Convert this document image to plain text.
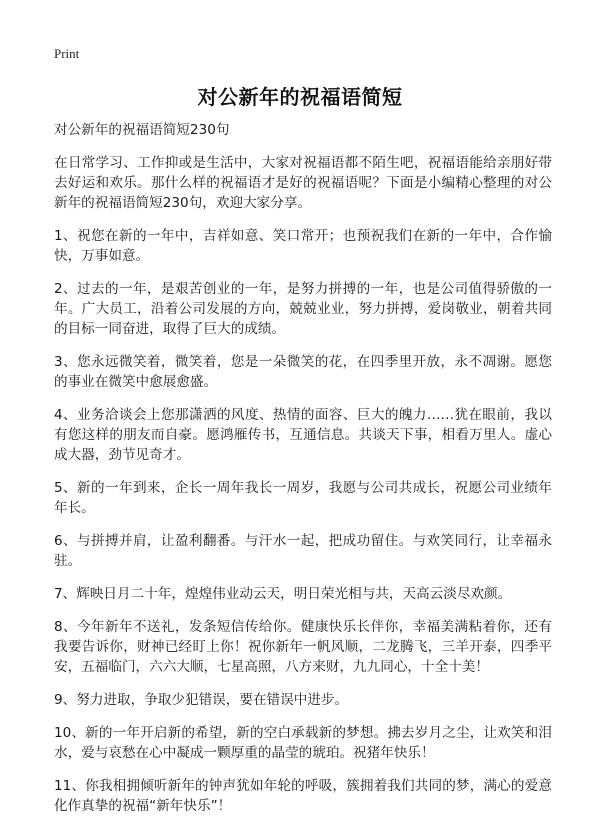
Print
对公新年的祝福语简短

对公新年的祝福语简短230句

在日常学习、工作抑或是生活中，大家对祝福语都不陌生吧，祝福语能给亲朋好带去好运和欢乐。那什么样的祝福语才是好的祝福语呢？下面是小编精心整理的对公新年的祝福语简短230句，欢迎大家分享。

1、祝您在新的一年中，吉祥如意、笑口常开；也预祝我们在新的一年中，合作愉快，万事如意。

2、过去的一年，是艰苦创业的一年，是努力拼搏的一年，也是公司值得骄傲的一年。广大员工，沿着公司发展的方向，兢兢业业，努力拼搏，爱岗敬业，朝着共同的目标一同奋进，取得了巨大的成绩。

3、您永远微笑着，微笑着，您是一朵微笑的花，在四季里开放，永不凋谢。愿您的事业在微笑中愈展愈盛。

4、业务洽谈会上您那潇洒的风度、热情的面容、巨大的魄力……犹在眼前，我以有您这样的朋友而自豪。愿鸿雁传书，互通信息。共谈天下事，相看万里人。虚心成大器，劲节见奇才。

5、新的一年到来，企长一周年我长一周岁，我愿与公司共成长，祝愿公司业绩年年长。

6、与拼搏并肩，让盈利翻番。与汗水一起，把成功留住。与欢笑同行，让幸福永驻。

7、辉映日月二十年，煌煌伟业动云天，明日荣光相与共，天高云淡尽欢颜。

8、今年新年不送礼，发条短信传给你。健康快乐长伴你，幸福美满粘着你，还有我要告诉你，财神已经盯上你！祝你新年一帆风顺，二龙腾飞，三羊开泰，四季平安，五福临门，六六大顺，七星高照，八方来财，九九同心，十全十美！

9、努力进取，争取少犯错误，要在错误中进步。

10、新的一年开启新的希望，新的空白承载新的梦想。拂去岁月之尘，让欢笑和泪水，爱与哀愁在心中凝成一颗厚重的晶莹的琥珀。祝猪年快乐！

11、你我相拥倾听新年的钟声犹如年轮的呼吸，簇拥着我们共同的梦，满心的爱意化作真挚的祝福“新年快乐”！
